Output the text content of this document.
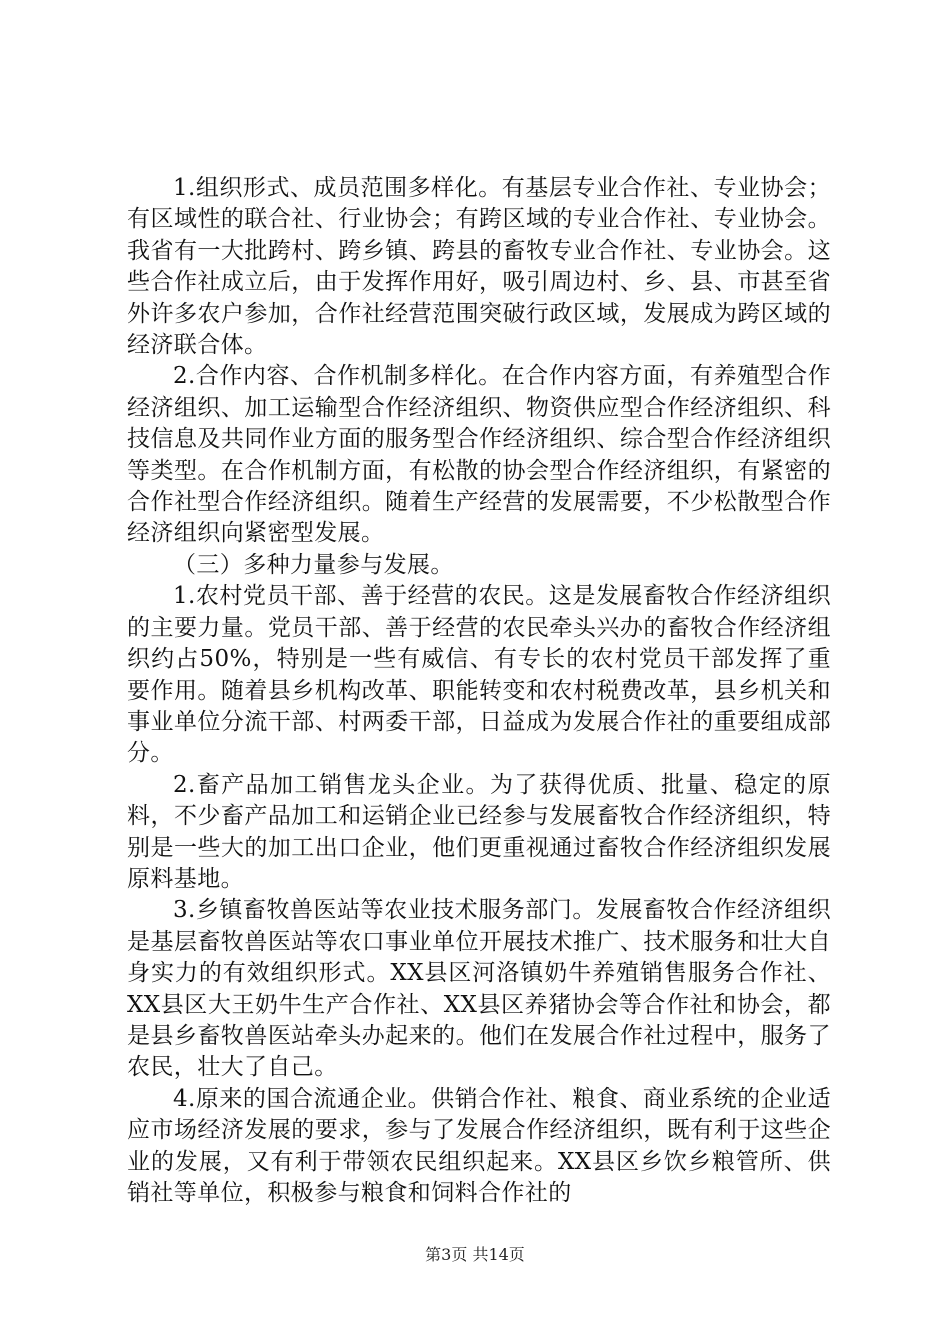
1.组织形式、成员范围多样化。有基层专业合作社、专业协会；有区域性的联合社、行业协会；有跨区域的专业合作社、专业协会。我省有一大批跨村、跨乡镇、跨县的畜牧专业合作社、专业协会。这些合作社成立后，由于发挥作用好，吸引周边村、乡、县、市甚至省外许多农户参加，合作社经营范围突破行政区域，发展成为跨区域的经济联合体。

2.合作内容、合作机制多样化。在合作内容方面，有养殖型合作经济组织、加工运输型合作经济组织、物资供应型合作经济组织、科技信息及共同作业方面的服务型合作经济组织、综合型合作经济组织等类型。在合作机制方面，有松散的协会型合作经济组织，有紧密的合作社型合作经济组织。随着生产经营的发展需要，不少松散型合作经济组织向紧密型发展。

（三）多种力量参与发展。

1.农村党员干部、善于经营的农民。这是发展畜牧合作经济组织的主要力量。党员干部、善于经营的农民牵头兴办的畜牧合作经济组织约占50%，特别是一些有威信、有专长的农村党员干部发挥了重要作用。随着县乡机构改革、职能转变和农村税费改革，县乡机关和事业单位分流干部、村两委干部，日益成为发展合作社的重要组成部分。

2.畜产品加工销售龙头企业。为了获得优质、批量、稳定的原料，不少畜产品加工和运销企业已经参与发展畜牧合作经济组织，特别是一些大的加工出口企业，他们更重视通过畜牧合作经济组织发展原料基地。

3.乡镇畜牧兽医站等农业技术服务部门。发展畜牧合作经济组织是基层畜牧兽医站等农口事业单位开展技术推广、技术服务和壮大自身实力的有效组织形式。XX县区河洛镇奶牛养殖销售服务合作社、XX县区大王奶牛生产合作社、XX县区养猪协会等合作社和协会，都是县乡畜牧兽医站牵头办起来的。他们在发展合作社过程中，服务了农民，壮大了自己。

4.原来的国合流通企业。供销合作社、粮食、商业系统的企业适应市场经济发展的要求，参与了发展合作经济组织，既有利于这些企业的发展，又有利于带领农民组织起来。XX县区乡饮乡粮管所、供销社等单位，积极参与粮食和饲料合作社的

第3页 共14页
